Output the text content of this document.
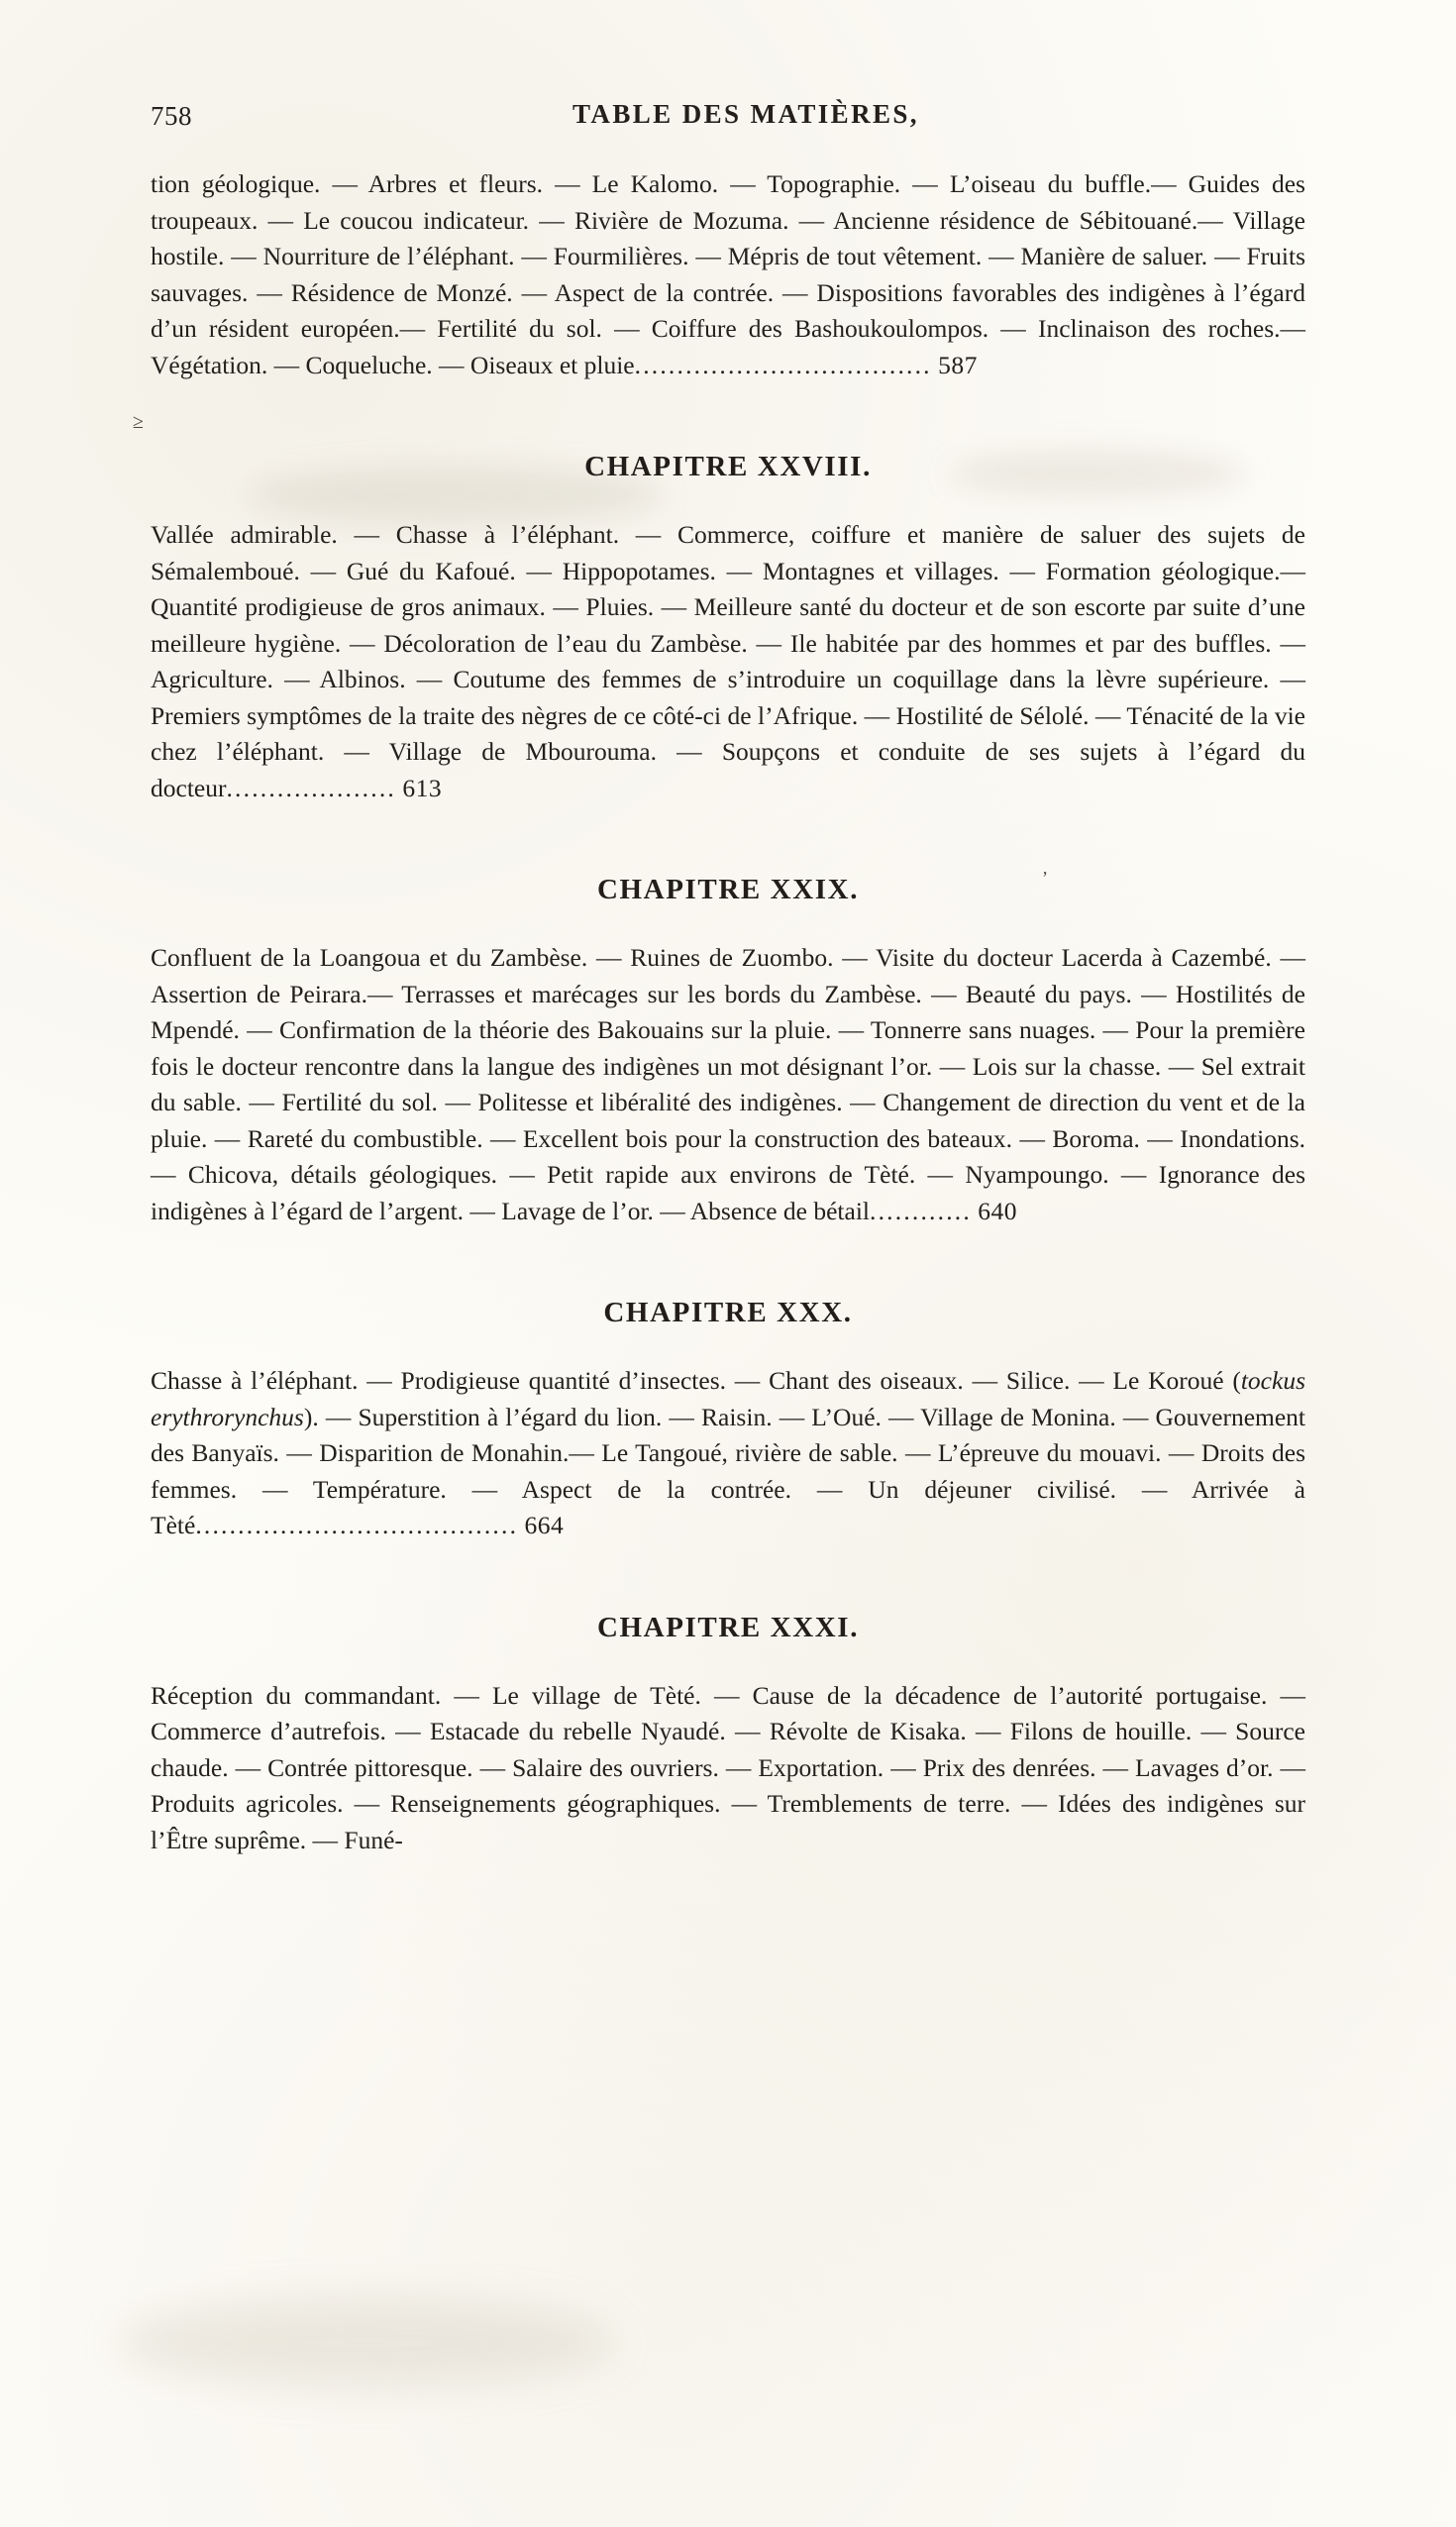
758	TABLE DES MATIÈRES,

tion géologique. — Arbres et fleurs. — Le Kalomo. — Topographie. — L’oiseau du buffle.— Guides des troupeaux. — Le coucou indicateur. — Rivière de Mozuma. — Ancienne résidence de Sébitouané.— Village hostile. — Nourriture de l’éléphant. — Fourmilières. — Mépris de tout vêtement. — Manière de saluer. — Fruits sauvages. — Résidence de Monzé. — Aspect de la contrée. — Dispositions favorables des indigènes à l’égard d’un résident européen.— Fertilité du sol. — Coiffure des Bashoukoulompos. — Inclinaison des roches.— Végétation. — Coqueluche. — Oiseaux et pluie................................... 587

≥
CHAPITRE XXVIII.

Vallée admirable. — Chasse à l’éléphant. — Commerce, coiffure et manière de saluer des sujets de Sémalemboué. — Gué du Kafoué. — Hippopotames. — Montagnes et villages. — Formation géologique.— Quantité prodigieuse de gros animaux. — Pluies. — Meilleure santé du docteur et de son escorte par suite d’une meilleure hygiène. — Décoloration de l’eau du Zambèse. — Ile habitée par des hommes et par des buffles. — Agriculture. — Albinos. — Coutume des femmes de s’introduire un coquillage dans la lèvre supérieure. — Premiers symptômes de la traite des nègres de ce côté-ci de l’Afrique. — Hostilité de Sélolé. — Ténacité de la vie chez l’éléphant. — Village de Mbourouma. — Soupçons et conduite de ses sujets à l’égard du docteur.................... 613

ʼ
CHAPITRE XXIX.

Confluent de la Loangoua et du Zambèse. — Ruines de Zuombo. — Visite du docteur Lacerda à Cazembé. — Assertion de Peirara.— Terrasses et marécages sur les bords du Zambèse. — Beauté du pays. — Hostilités de Mpendé. — Confirmation de la théorie des Bakouains sur la pluie. — Tonnerre sans nuages. — Pour la première fois le docteur rencontre dans la langue des indigènes un mot désignant l’or. — Lois sur la chasse. — Sel extrait du sable. — Fertilité du sol. — Politesse et libéralité des indigènes. — Changement de direction du vent et de la pluie. — Rareté du combustible. — Excellent bois pour la construction des bateaux. — Boroma. — Inondations. — Chicova, détails géologiques. — Petit rapide aux environs de Tèté. — Nyampoungo. — Ignorance des indigènes à l’égard de l’argent. — Lavage de l’or. — Absence de bétail............ 640

CHAPITRE XXX.

Chasse à l’éléphant. — Prodigieuse quantité d’insectes. — Chant des oiseaux. — Silice. — Le Koroué (tockus erythrorynchus). — Superstition à l’égard du lion. — Raisin. — L’Oué. — Village de Monina. — Gouvernement des Banyaïs. — Disparition de Monahin.— Le Tangoué, rivière de sable. — L’épreuve du mouavi. — Droits des femmes. — Température. — Aspect de la contrée. — Un déjeuner civilisé. — Arrivée à Tèté...................................... 664

CHAPITRE XXXI.

Réception du commandant. — Le village de Tèté. — Cause de la décadence de l’autorité portugaise. — Commerce d’autrefois. — Estacade du rebelle Nyaudé. — Révolte de Kisaka. — Filons de houille. — Source chaude. — Contrée pittoresque. — Salaire des ouvriers. — Exportation. — Prix des denrées. — Lavages d’or. — Produits agricoles. — Renseignements géographiques. — Tremblements de terre. — Idées des indigènes sur l’Être suprême. — Funé-
